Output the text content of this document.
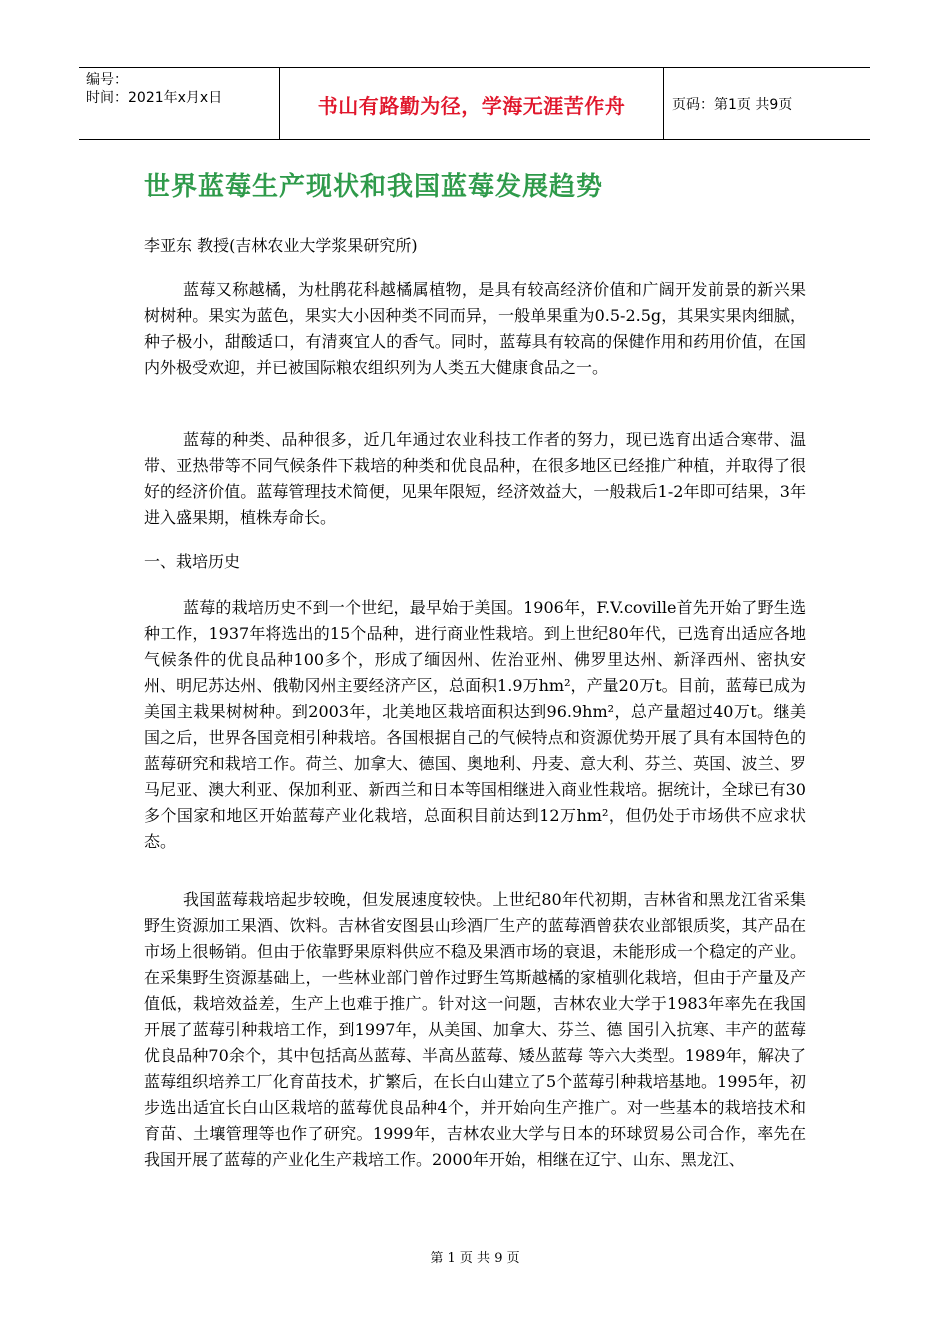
编号：
时间：2021年x月x日	书山有路勤为径，学海无涯苦作舟	页码：第1页 共9页
世界蓝莓生产现状和我国蓝莓发展趋势
李亚东 教授(吉林农业大学浆果研究所)

蓝莓又称越橘，为杜鹃花科越橘属植物，是具有较高经济价值和广阔开发前景的新兴果树树种。果实为蓝色，果实大小因种类不同而异，一般单果重为0.5-2.5g，其果实果肉细腻，种子极小，甜酸适口，有清爽宜人的香气。同时，蓝莓具有较高的保健作用和药用价值，在国内外极受欢迎，并已被国际粮农组织列为人类五大健康食品之一。

蓝莓的种类、品种很多，近几年通过农业科技工作者的努力，现已选育出适合寒带、温带、亚热带等不同气候条件下栽培的种类和优良品种，在很多地区已经推广种植，并取得了很好的经济价值。蓝莓管理技术简便，见果年限短，经济效益大，一般栽后1-2年即可结果，3年进入盛果期，植株寿命长。

一、栽培历史

蓝莓的栽培历史不到一个世纪，最早始于美国。1906年，F.V.coville首先开始了野生选种工作，1937年将选出的15个品种，进行商业性栽培。到上世纪80年代，已选育出适应各地气候条件的优良品种100多个，形成了缅因州、佐治亚州、佛罗里达州、新泽西州、密执安州、明尼苏达州、俄勒冈州主要经济产区，总面积1.9万hm²，产量20万t。目前，蓝莓已成为美国主栽果树树种。到2003年，北美地区栽培面积达到96.9hm²，总产量超过40万t。继美国之后，世界各国竞相引种栽培。各国根据自己的气候特点和资源优势开展了具有本国特色的蓝莓研究和栽培工作。荷兰、加拿大、德国、奥地利、丹麦、意大利、芬兰、英国、波兰、罗马尼亚、澳大利亚、保加利亚、新西兰和日本等国相继进入商业性栽培。据统计，全球已有30多个国家和地区开始蓝莓产业化栽培，总面积目前达到12万hm²，但仍处于市场供不应求状态。

我国蓝莓栽培起步较晚，但发展速度较快。上世纪80年代初期，吉林省和黑龙江省采集野生资源加工果酒、饮料。吉林省安图县山珍酒厂生产的蓝莓酒曾获农业部银质奖，其产品在市场上很畅销。但由于依靠野果原料供应不稳及果酒市场的衰退，未能形成一个稳定的产业。在采集野生资源基础上，一些林业部门曾作过野生笃斯越橘的家植驯化栽培，但由于产量及产值低，栽培效益差，生产上也难于推广。针对这一问题，吉林农业大学于1983年率先在我国开展了蓝莓引种栽培工作，到1997年，从美国、加拿大、芬兰、德 国引入抗寒、丰产的蓝莓优良品种70余个，其中包括高丛蓝莓、半高丛蓝莓、矮丛蓝莓 等六大类型。1989年，解决了蓝莓组织培养工厂化育苗技术，扩繁后，在长白山建立了5个蓝莓引种栽培基地。1995年，初步选出适宜长白山区栽培的蓝莓优良品种4个，并开始向生产推广。对一些基本的栽培技术和育苗、土壤管理等也作了研究。1999年，吉林农业大学与日本的环球贸易公司合作，率先在我国开展了蓝莓的产业化生产栽培工作。2000年开始，相继在辽宁、山东、黑龙江、

第 1 页 共 9 页
